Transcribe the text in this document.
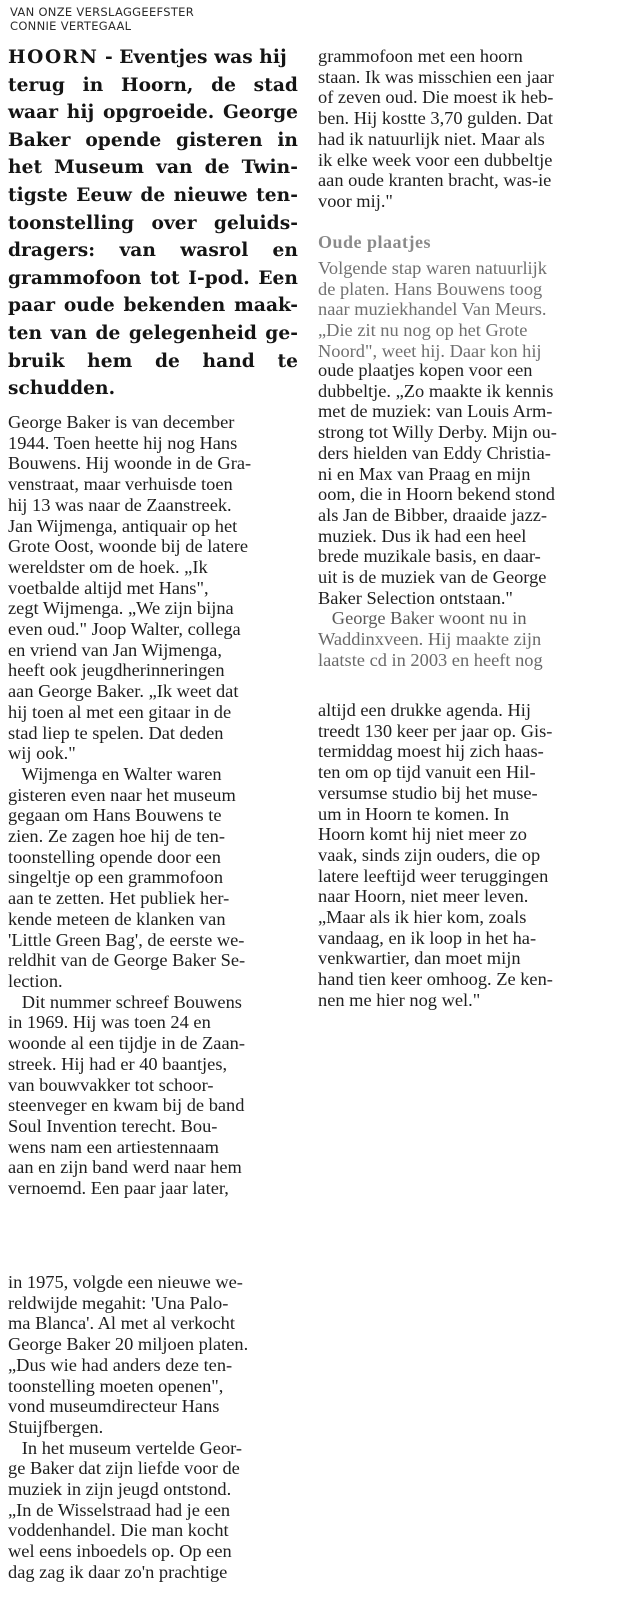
VAN ONZE VERSLAGGEEFSTER
CONNIE VERTEGAAL
HOORN - Eventjes was hij
terug in Hoorn, de stad
waar hij opgroeide. George
Baker opende gisteren in
het Museum van de Twin-
tigste Eeuw de nieuwe ten-
toonstelling over geluids-
dragers: van wasrol en
grammofoon tot I-pod. Een
paar oude bekenden maak-
ten van de gelegenheid ge-
bruik hem de hand te
schudden.
George Baker is van december
1944. Toen heette hij nog Hans
Bouwens. Hij woonde in de Gra-
venstraat, maar verhuisde toen
hij 13 was naar de Zaanstreek.
Jan Wijmenga, antiquair op het
Grote Oost, woonde bij de latere
wereldster om de hoek. „Ik
voetbalde altijd met Hans",
zegt Wijmenga. „We zijn bijna
even oud." Joop Walter, collega
en vriend van Jan Wijmenga,
heeft ook jeugdherinneringen
aan George Baker. „Ik weet dat
hij toen al met een gitaar in de
stad liep te spelen. Dat deden
wij ook."
Wijmenga en Walter waren
gisteren even naar het museum
gegaan om Hans Bouwens te
zien. Ze zagen hoe hij de ten-
toonstelling opende door een
singeltje op een grammofoon
aan te zetten. Het publiek her-
kende meteen de klanken van
'Little Green Bag', de eerste we-
reldhit van de George Baker Se-
lection.
Dit nummer schreef Bouwens
in 1969. Hij was toen 24 en
woonde al een tijdje in de Zaan-
streek. Hij had er 40 baantjes,
van bouwvakker tot schoor-
steenveger en kwam bij de band
Soul Invention terecht. Bou-
wens nam een artiestennaam
aan en zijn band werd naar hem
vernoemd. Een paar jaar later,
in 1975, volgde een nieuwe we-
reldwijde megahit: 'Una Palo-
ma Blanca'. Al met al verkocht
George Baker 20 miljoen platen.
„Dus wie had anders deze ten-
toonstelling moeten openen",
vond museumdirecteur Hans
Stuijfbergen.
In het museum vertelde Geor-
ge Baker dat zijn liefde voor de
muziek in zijn jeugd ontstond.
„In de Wisselstraad had je een
voddenhandel. Die man kocht
wel eens inboedels op. Op een
dag zag ik daar zo'n prachtige
grammofoon met een hoorn
staan. Ik was misschien een jaar
of zeven oud. Die moest ik heb-
ben. Hij kostte 3,70 gulden. Dat
had ik natuurlijk niet. Maar als
ik elke week voor een dubbeltje
aan oude kranten bracht, was-ie
voor mij."
Oude plaatjes
Volgende stap waren natuurlijk
de platen. Hans Bouwens toog
naar muziekhandel Van Meurs.
„Die zit nu nog op het Grote
Noord", weet hij. Daar kon hij
oude plaatjes kopen voor een
dubbeltje. „Zo maakte ik kennis
met de muziek: van Louis Arm-
strong tot Willy Derby. Mijn ou-
ders hielden van Eddy Christia-
ni en Max van Praag en mijn
oom, die in Hoorn bekend stond
als Jan de Bibber, draaide jazz-
muziek. Dus ik had een heel
brede muzikale basis, en daar-
uit is de muziek van de George
Baker Selection ontstaan."
George Baker woont nu in
Waddinxveen. Hij maakte zijn
laatste cd in 2003 en heeft nog
altijd een drukke agenda. Hij
treedt 130 keer per jaar op. Gis-
termiddag moest hij zich haas-
ten om op tijd vanuit een Hil-
versumse studio bij het muse-
um in Hoorn te komen. In
Hoorn komt hij niet meer zo
vaak, sinds zijn ouders, die op
latere leeftijd weer teruggingen
naar Hoorn, niet meer leven.
„Maar als ik hier kom, zoals
vandaag, en ik loop in het ha-
venkwartier, dan moet mijn
hand tien keer omhoog. Ze ken-
nen me hier nog wel."
